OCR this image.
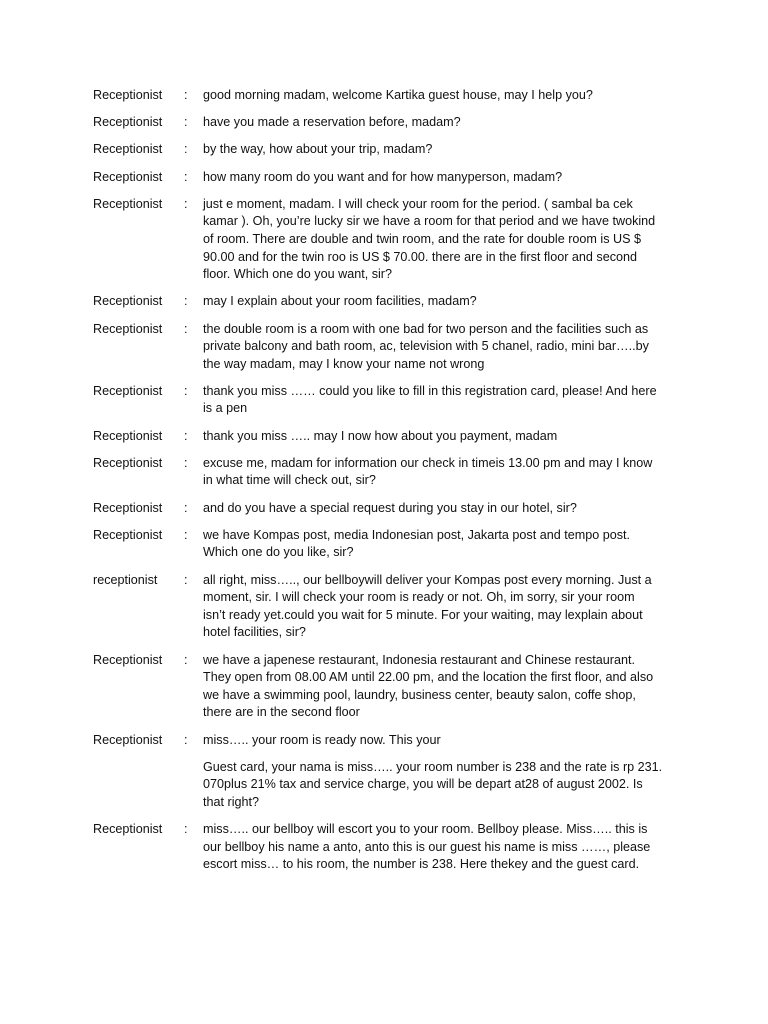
Receptionist	:	good morning madam, welcome Kartika guest house, may I help you?
Receptionist	:	have you made a reservation before, madam?
Receptionist	:	by the way, how about your trip, madam?
Receptionist	:	how many room do you want and for how manyperson, madam?
Receptionist	:	just e moment, madam. I will check your room for the period. ( sambal ba cek
kamar ). Oh, you’re lucky sir we have a room for that period and we have twokind
of room. There are double and twin room, and the rate for double room is US $
90.00 and for the twin roo is US $ 70.00. there are in the first floor and second
floor. Which one do you want, sir?
Receptionist	:	may I explain about your room facilities, madam?
Receptionist	:	the double room is a room with one bad for two person and the facilities such as
private balcony and bath room, ac, television with 5 chanel, radio, mini bar…..by
the way madam, may I know your name not wrong
Receptionist	:	thank you miss …… could you like to fill in this registration card, please! And here
is a pen
Receptionist	:	thank you miss ….. may I now how about you payment, madam
Receptionist	:	excuse me, madam for information our check in timeis 13.00 pm and may I know
in what time will check out, sir?
Receptionist	:	and do you have a special request during you stay in our hotel, sir?
Receptionist	:	we have Kompas post, media Indonesian post, Jakarta post and tempo post.
Which one do you like, sir?
receptionist	:	all right, miss….., our bellboywill deliver your Kompas post every morning. Just a
moment, sir. I will check your room is ready or not. Oh, im sorry, sir your room
isn’t ready yet.could you wait for 5 minute. For your waiting, may lexplain about
hotel facilities, sir?
Receptionist	:	we have a japenese restaurant, Indonesia restaurant and Chinese restaurant.
They open from 08.00 AM until 22.00 pm, and the location the first floor, and also
we have a swimming pool, laundry, business center, beauty salon, coffe shop,
there are in the second floor
Receptionist	:	miss….. your room is ready now. This your
Guest card, your nama is miss….. your room number is 238 and the rate is rp 231.
070plus 21% tax and service charge, you will be depart at28 of august 2002. Is
that right?
Receptionist	:	miss….. our bellboy will escort you to your room. Bellboy please. Miss….. this is
our bellboy his name a anto, anto this is our guest his name is miss ……, please
escort miss… to his room, the number is 238. Here thekey and the guest card.
